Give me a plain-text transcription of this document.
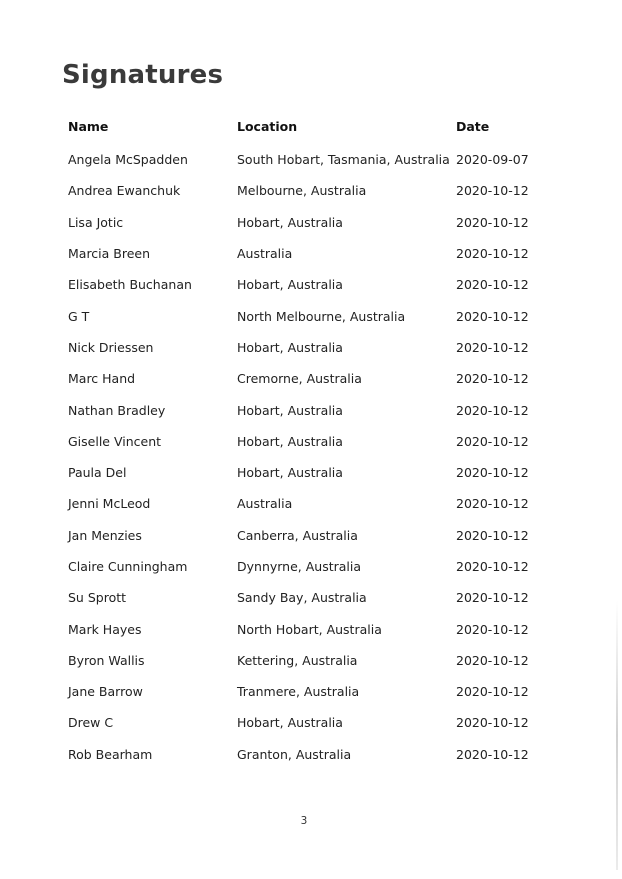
Signatures
Name	Location	Date
Angela McSpadden	South Hobart, Tasmania, Australia 2020-09-07
Andrea Ewanchuk	Melbourne, Australia	2020-10-12
Lisa Jotic	Hobart, Australia	2020-10-12
Marcia Breen	Australia	2020-10-12
Elisabeth Buchanan	Hobart, Australia	2020-10-12
G T	North Melbourne, Australia	2020-10-12
Nick Driessen	Hobart, Australia	2020-10-12
Marc Hand	Cremorne, Australia	2020-10-12
Nathan Bradley	Hobart, Australia	2020-10-12
Giselle Vincent	Hobart, Australia	2020-10-12
Paula Del	Hobart, Australia	2020-10-12
Jenni McLeod	Australia	2020-10-12
Jan Menzies	Canberra, Australia	2020-10-12
Claire Cunningham	Dynnyrne, Australia	2020-10-12
Su Sprott	Sandy Bay, Australia	2020-10-12
Mark Hayes	North Hobart, Australia	2020-10-12
Byron Wallis	Kettering, Australia	2020-10-12
Jane Barrow	Tranmere, Australia	2020-10-12
Drew C	Hobart, Australia	2020-10-12
Rob Bearham	Granton, Australia	2020-10-12
3
